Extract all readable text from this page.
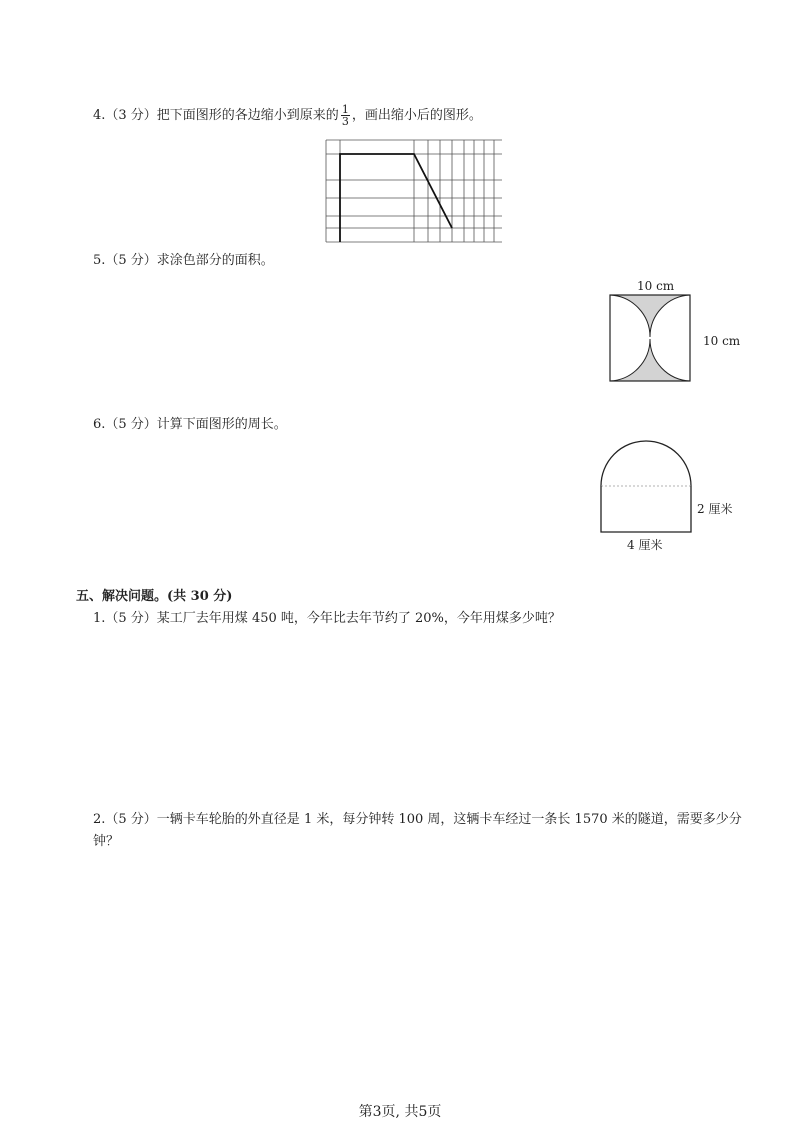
4.（3 分）把下面图形的各边缩小到原来的 $\frac{1}{3}$ ，画出缩小后的图形。
5.（5 分）求涂色部分的面积。
10 cm
10 cm
6.（5 分）计算下面图形的周长。
2 厘米
4 厘米
五、解决问题。(共 30 分)
1.（5 分）某工厂去年用煤 450 吨，今年比去年节约了 20%，今年用煤多少吨？
2.（5 分）一辆卡车轮胎的外直径是 1 米，每分钟转 100 周，这辆卡车经过一条长 1570 米的隧道，需要多少分钟？
第3页, 共5页
